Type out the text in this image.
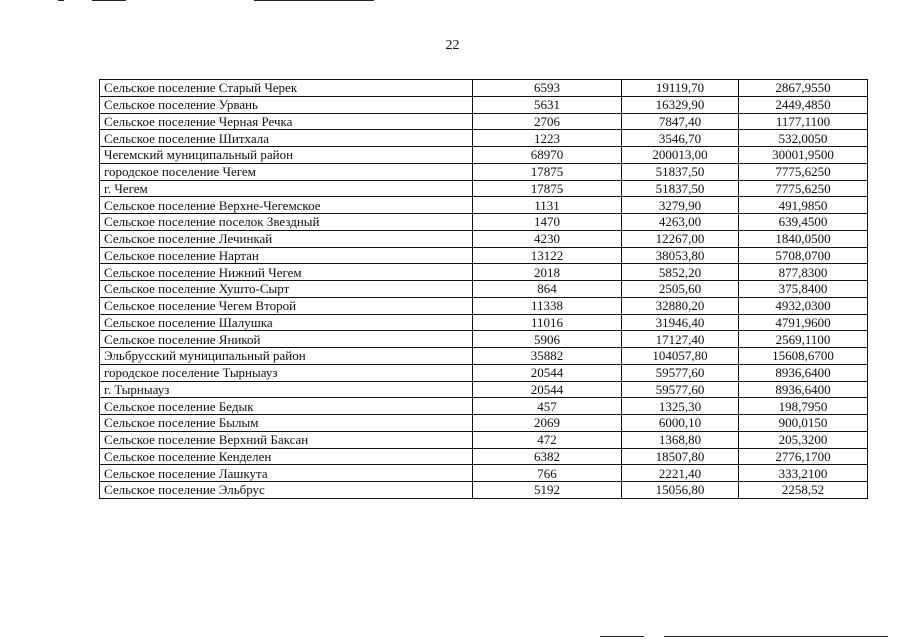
22
Сельское поселение Старый Черек	6593	19119,70	2867,9550
Сельское поселение Урвань	5631	16329,90	2449,4850
Сельское поселение Черная Речка	2706	7847,40	1177,1100
Сельское поселение Шитхала	1223	3546,70	532,0050
Чегемский муниципальный район	68970	200013,00	30001,9500
городское поселение Чегем	17875	51837,50	7775,6250
г. Чегем	17875	51837,50	7775,6250
Сельское поселение Верхне-Чегемское	1131	3279,90	491,9850
Сельское поселение поселок Звездный	1470	4263,00	639,4500
Сельское поселение Лечинкай	4230	12267,00	1840,0500
Сельское поселение Нартан	13122	38053,80	5708,0700
Сельское поселение Нижний Чегем	2018	5852,20	877,8300
Сельское поселение Хушто-Сырт	864	2505,60	375,8400
Сельское поселение Чегем Второй	11338	32880,20	4932,0300
Сельское поселение Шалушка	11016	31946,40	4791,9600
Сельское поселение Яникой	5906	17127,40	2569,1100
Эльбрусский муниципальный район	35882	104057,80	15608,6700
городское поселение Тырныауз	20544	59577,60	8936,6400
г. Тырныауз	20544	59577,60	8936,6400
Сельское поселение Бедык	457	1325,30	198,7950
Сельское поселение Былым	2069	6000,10	900,0150
Сельское поселение Верхний Баксан	472	1368,80	205,3200
Сельское поселение Кенделен	6382	18507,80	2776,1700
Сельское поселение Лашкута	766	2221,40	333,2100
Сельское поселение Эльбрус	5192	15056,80	2258,52
